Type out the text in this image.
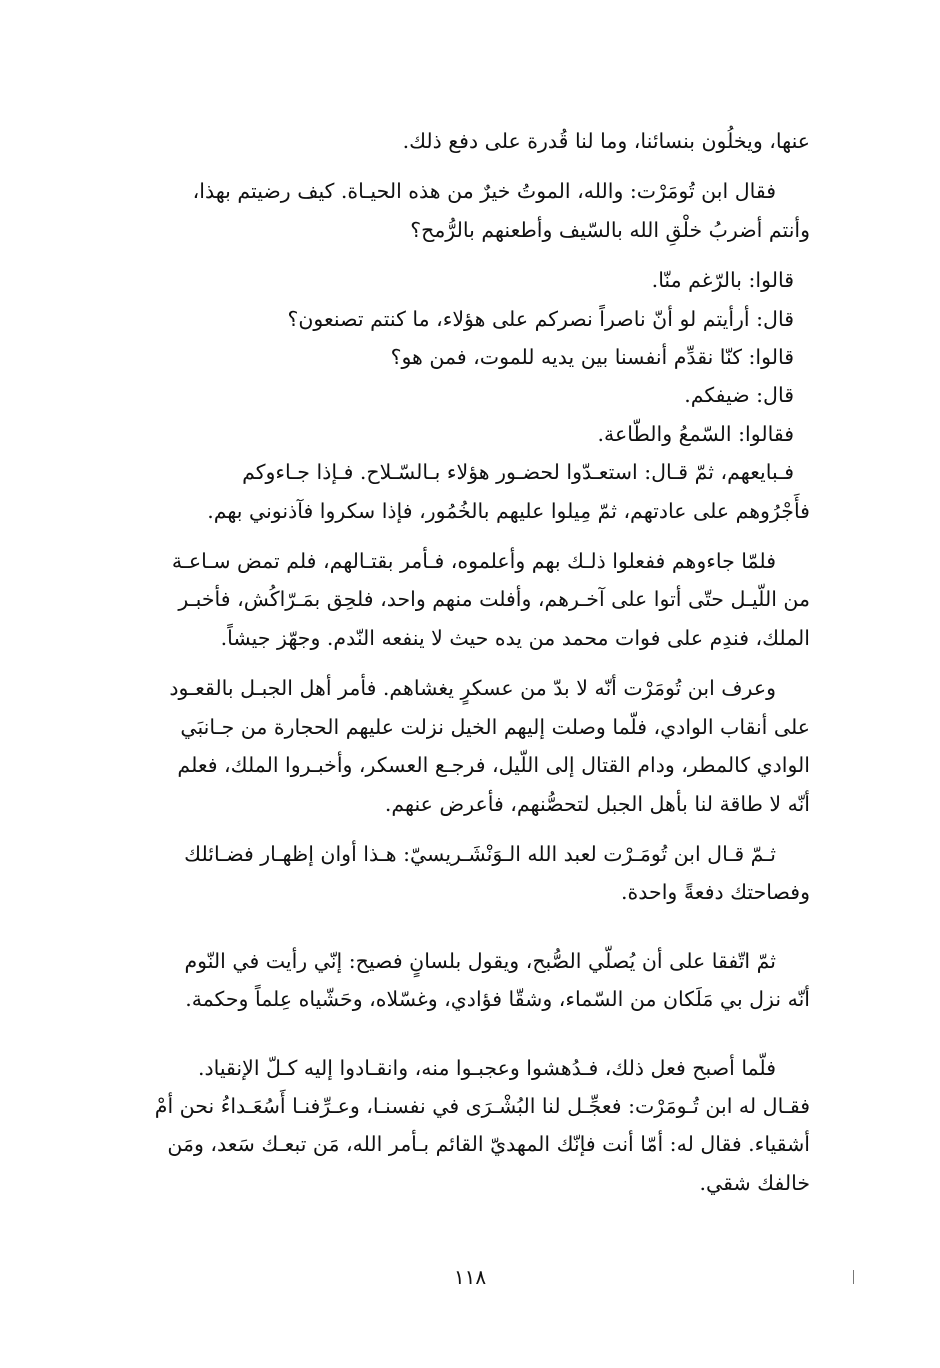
عنها، ويخلُون بنسائنا، وما لنا قُدرة على دفع ذلك.
فقال ابن تُومَرْت: والله، الموتُ خيرٌ من هذه الحيـاة. كيف رضيتم بهذا،
وأنتم أضربُ خلْقِ الله بالسّيف وأطعنهم بالرُّمح؟
قالوا: بالرّغم منّا.
قال: أرأيتم لو أنّ ناصراً نصركم على هؤلاء، ما كنتم تصنعون؟
قالوا: كنّا نقدِّم أنفسنا بين يديه للموت، فمن هو؟
قال: ضيفكم.
فقالوا: السّمعُ والطّاعة.
فـبايعهم، ثمّ قـال: استعـدّوا لحضـور هؤلاء بـالسّـلاح. فـإذا جـاءوكم
فأَجْرُوهم على عادتهم، ثمّ مِيلوا عليهم بالخُمُور، فإذا سكروا فآذنوني بهم.
فلمّا جاءوهم ففعلوا ذلـك بهم وأعلموه، فـأمر بقتـالهم، فلم تمض سـاعـة
من اللّيـل حتّى أتوا على آخـرهم، وأفلت منهم واحد، فلحِق بمَـرّاكُش، فأخبـر
الملك، فندِم على فوات محمد من يده حيث لا ينفعه النّدم. وجهّز جيشاً.
وعرف ابن تُومَرْت أنّه لا بدّ من عسكرٍ يغشاهم. فأمر أهل الجبـل بالقعـود
على أنقاب الوادي، فلّما وصلت إليهم الخيل نزلت عليهم الحجارة من جـانبَي
الوادي كالمطر، ودام القتال إلى اللّيل، فرجـع العسكر، وأخبـروا الملك، فعلم
أنّه لا طاقة لنا بأهل الجبل لتحصُّنهم، فأعرض عنهم.
ثـمّ قـال ابن تُومَـرْت لعبد الله الـوَنْشَـريسيّ: هـذا أوان إظهـار فضـائلك
وفصاحتك دفعةً واحدة.
ثمّ اتّفقا على أن يُصلّي الصُّبح، ويقول بلسانٍ فصيح: إنّي رأيت في النّوم
أنّه نزل بي مَلَكان من السّماء، وشقّا فؤادي، وغسّلاه، وحَشّياه عِلماً وحكمة.
فلّما أصبح فعل ذلك، فـدُهشوا وعجبـوا منه، وانقـادوا إليه كـلّ الإنقياد.
فقـال له ابن تُـومَرْت: فعجِّـل لنا البُشْـرَى في نفسنـا، وعـرِّفنـا أَسُعَـداءُ نحن أمْ
أشقياء. فقال له: أمّا أنت فإنّك المهديّ القائم بـأمر الله، مَن تبعـك سَعد، ومَن
خالفك شقي.
١١٨
